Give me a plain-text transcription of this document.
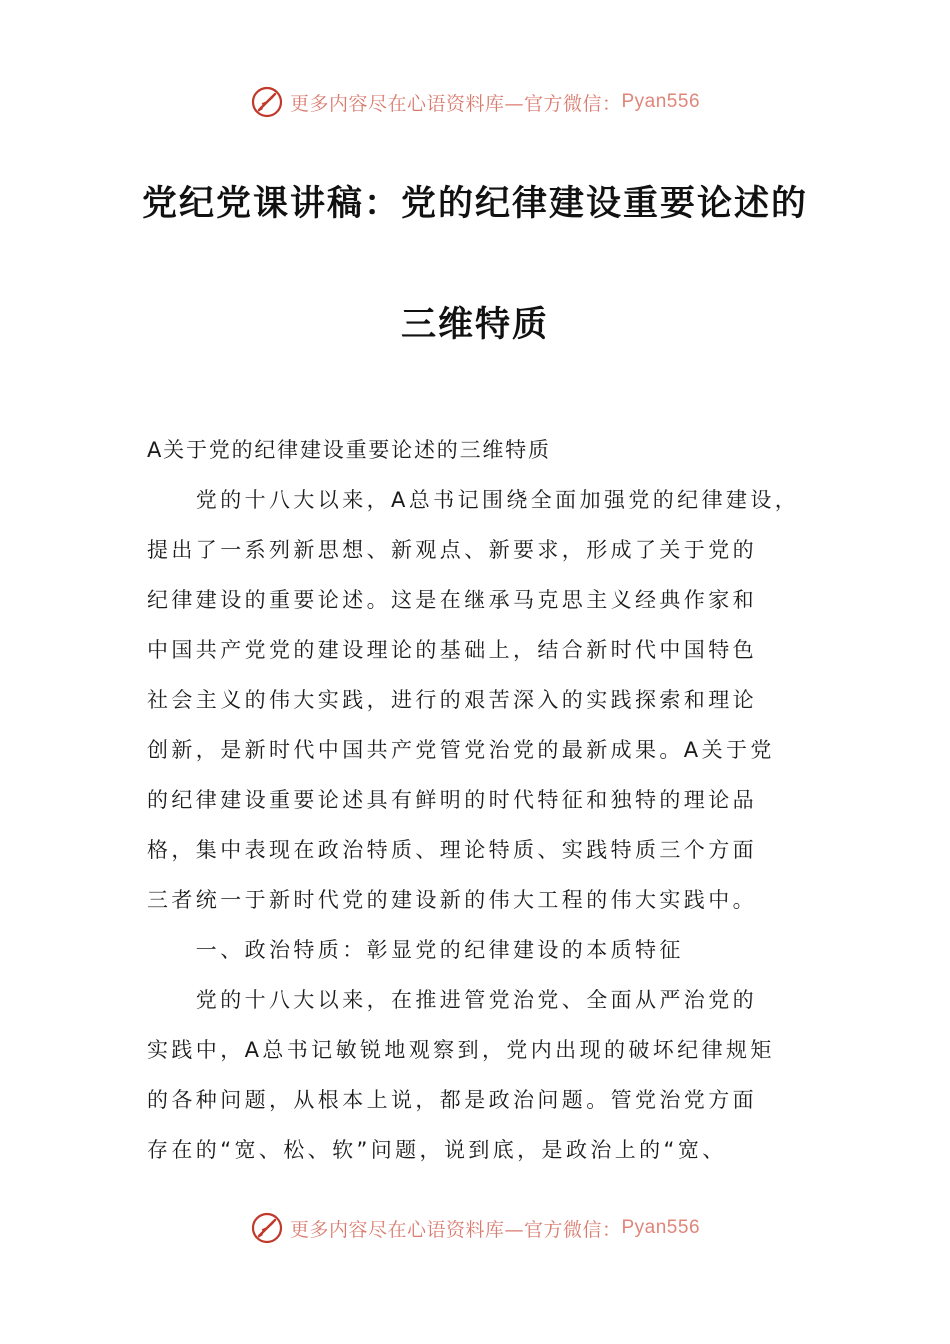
更多内容尽在心语资料库—官方微信： Pyan556
党纪党课讲稿：党的纪律建设重要论述的
三维特质
A关于党的纪律建设重要论述的三维特质
　　党的十八大以来，A总书记围绕全面加强党的纪律建设，
提出了一系列新思想、新观点、新要求，形成了关于党的
纪律建设的重要论述。这是在继承马克思主义经典作家和
中国共产党党的建设理论的基础上，结合新时代中国特色
社会主义的伟大实践，进行的艰苦深入的实践探索和理论
创新，是新时代中国共产党管党治党的最新成果。A关于党
的纪律建设重要论述具有鲜明的时代特征和独特的理论品
格，集中表现在政治特质、理论特质、实践特质三个方面
三者统一于新时代党的建设新的伟大工程的伟大实践中。
　　一、政治特质：彰显党的纪律建设的本质特征
　　党的十八大以来，在推进管党治党、全面从严治党的
实践中，A总书记敏锐地观察到，党内出现的破坏纪律规矩
的各种问题，从根本上说，都是政治问题。管党治党方面
存在的“宽、松、软”问题，说到底，是政治上的“宽、
更多内容尽在心语资料库—官方微信： Pyan556
